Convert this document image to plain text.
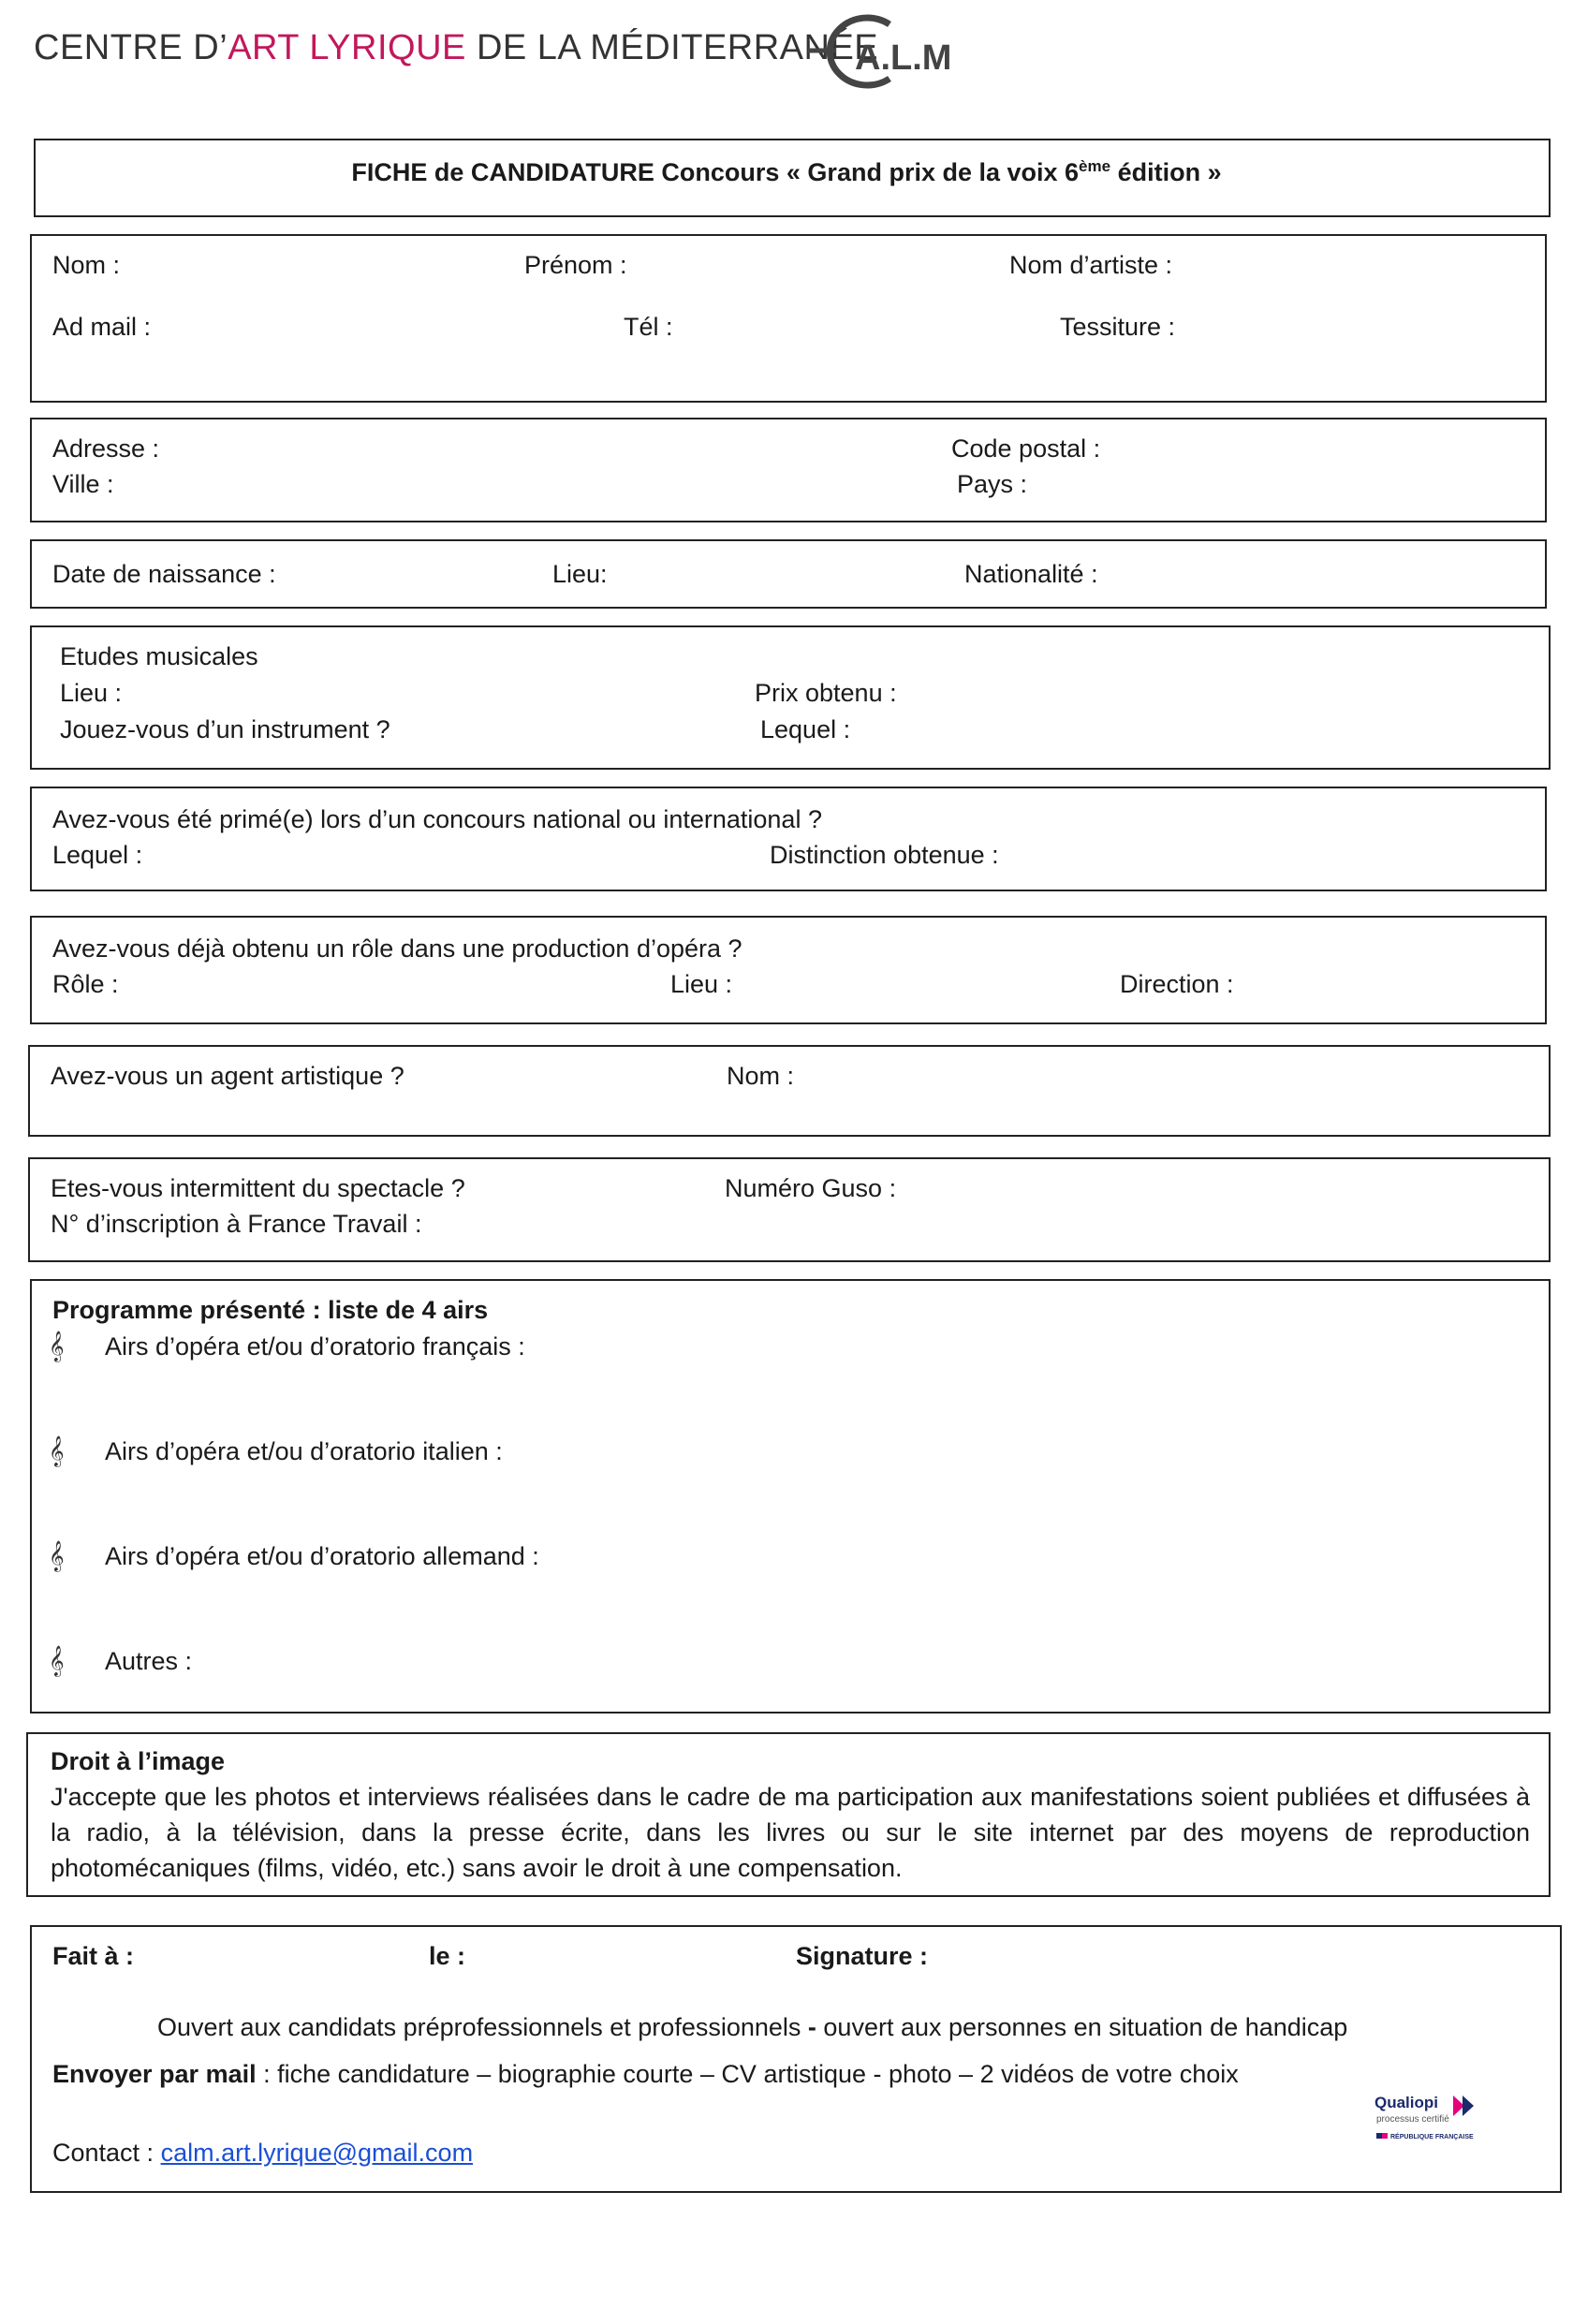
CENTRE D’ART LYRIQUE DE LA MÉDITERRANÉE
A.L.M
FICHE de CANDIDATURE Concours « Grand prix de la voix 6ème édition »
Nom :	Prénom :	Nom d’artiste :
Ad mail :	Tél :	Tessiture :
Adresse :	Code postal :
Ville :	Pays :
Date de naissance :	Lieu:	Nationalité :
Etudes musicales
Lieu :	Prix obtenu :
Jouez-vous d’un instrument ?	Lequel :
Avez-vous été primé(e) lors d’un concours national ou international ?
Lequel :	Distinction obtenue :
Avez-vous déjà obtenu un rôle dans une production d’opéra ?
Rôle :	Lieu :	Direction :
Avez-vous un agent artistique ?	Nom :
Etes-vous intermittent du spectacle ?	Numéro Guso :
N° d’inscription à France Travail :
Programme présenté : liste de 4 airs
𝄞 Airs d’opéra et/ou d’oratorio français :
𝄞 Airs d’opéra et/ou d’oratorio italien :
𝄞 Airs d’opéra et/ou d’oratorio allemand :
𝄞 Autres :
Droit à l’image
J'accepte que les photos et interviews réalisées dans le cadre de ma participation aux manifestations soient publiées et diffusées à la radio, à la télévision, dans la presse écrite, dans les livres ou sur le site internet par des moyens de reproduction photomécaniques (films, vidéo, etc.) sans avoir le droit à une compensation.
Fait à :	le :	Signature :
Ouvert aux candidats préprofessionnels et professionnels - ouvert aux personnes en situation de handicap
Envoyer par mail : fiche candidature – biographie courte – CV artistique - photo – 2 vidéos de votre choix
Contact : calm.art.lyrique@gmail.com
Qualiopi
processus certifié
RÉPUBLIQUE FRANÇAISE
